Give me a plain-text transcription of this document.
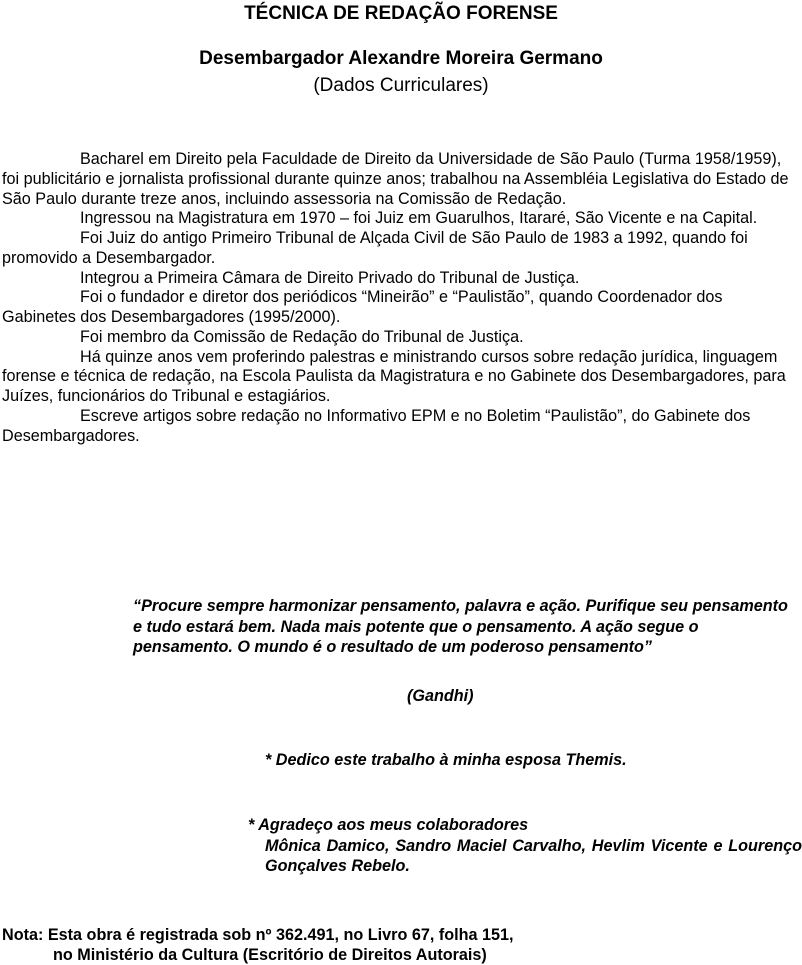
TÉCNICA DE REDAÇÃO FORENSE
Desembargador Alexandre Moreira Germano
(Dados Curriculares)

Bacharel em Direito pela Faculdade de Direito da Universidade de São Paulo (Turma 1958/1959), foi publicitário e jornalista profissional durante quinze anos; trabalhou na Assembléia Legislativa do Estado de São Paulo durante treze anos, incluindo assessoria na Comissão de Redação.

Ingressou na Magistratura em 1970 – foi Juiz em Guarulhos, Itararé, São Vicente e na Capital.

Foi Juiz do antigo Primeiro Tribunal de Alçada Civil de São Paulo de 1983 a 1992, quando foi promovido a Desembargador.

Integrou a Primeira Câmara de Direito Privado do Tribunal de Justiça.

Foi o fundador e diretor dos periódicos “Mineirão” e “Paulistão”, quando Coordenador dos Gabinetes dos Desembargadores (1995/2000).

Foi membro da Comissão de Redação do Tribunal de Justiça.

Há quinze anos vem proferindo palestras e ministrando cursos sobre redação jurídica, linguagem forense e técnica de redação, na Escola Paulista da Magistratura e no Gabinete dos Desembargadores, para Juízes, funcionários do Tribunal e estagiários.

Escreve artigos sobre redação no Informativo EPM e no Boletim “Paulistão”, do Gabinete dos Desembargadores.

“Procure sempre harmonizar pensamento, palavra e ação. Purifique seu pensamento e tudo estará bem. Nada mais potente que o pensamento. A ação segue o pensamento. O mundo é o resultado de um poderoso pensamento”
(Gandhi)
* Dedico este trabalho à minha esposa Themis.
* Agradeço aos meus colaboradores
Mônica Damico, Sandro Maciel Carvalho, Hevlim Vicente e Lourenço Gonçalves Rebelo.
Nota: Esta obra é registrada sob nº 362.491, no Livro 67, folha 151,
no Ministério da Cultura (Escritório de Direitos Autorais)
